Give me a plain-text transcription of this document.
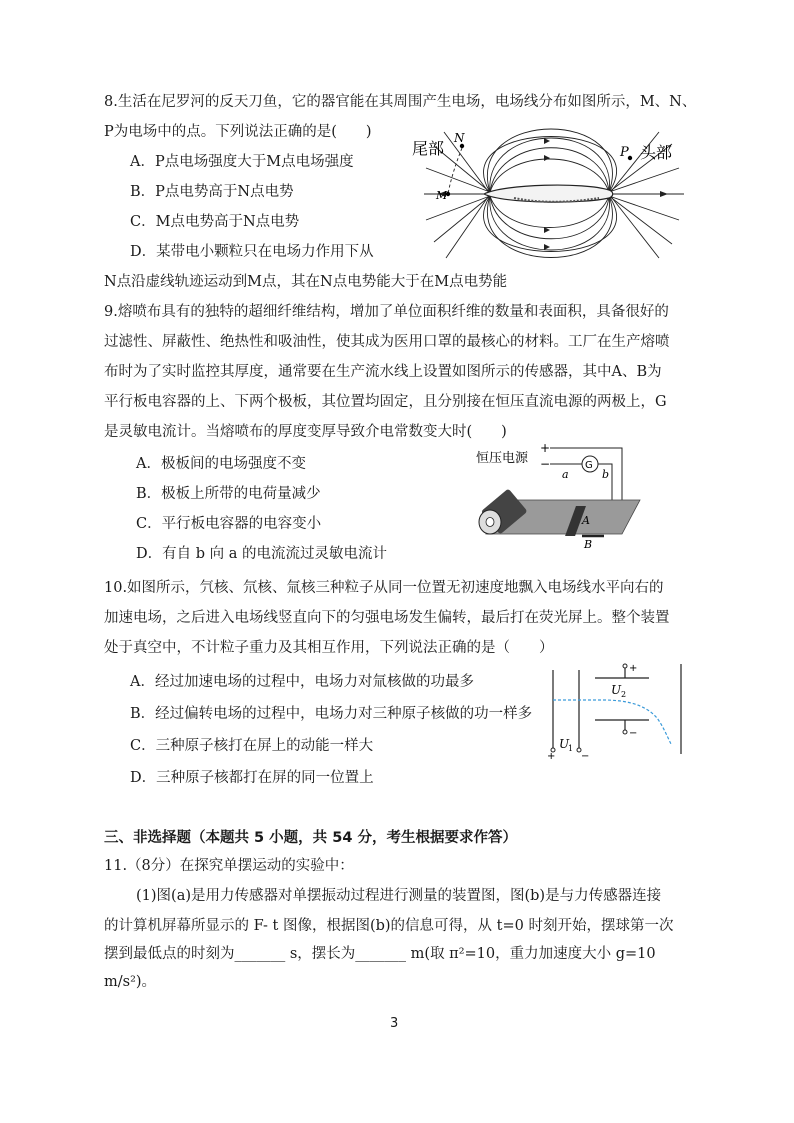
8.生活在尼罗河的反天刀鱼，它的器官能在其周围产生电场，电场线分布如图所示，M、N、
P为电场中的点。下列说法正确的是(　　)
A．P点电场强度大于M点电场强度
B．P点电势高于N点电势
C．M点电势高于N点电势
D．某带电小颗粒只在电场力作用下从
N点沿虚线轨迹运动到M点，其在N点电势能大于在M点电势能
尾部	头部
N
P
M
9.熔喷布具有的独特的超细纤维结构，增加了单位面积纤维的数量和表面积，具备很好的
过滤性、屏蔽性、绝热性和吸油性，使其成为医用口罩的最核心的材料。工厂在生产熔喷
布时为了实时监控其厚度，通常要在生产流水线上设置如图所示的传感器，其中A、B为
平行板电容器的上、下两个极板，其位置均固定，且分别接在恒压直流电源的两极上，G
是灵敏电流计。当熔喷布的厚度变厚导致介电常数变大时(　　)
A．极板间的电场强度不变
B．极板上所带的电荷量减少
C．平行板电容器的电容变小
D．有自 b 向 a 的电流流过灵敏电流计
恒压电源
+
−	G
a	b
A
B
10.如图所示，氕核、氘核、氚核三种粒子从同一位置无初速度地飘入电场线水平向右的
加速电场，之后进入电场线竖直向下的匀强电场发生偏转，最后打在荧光屏上。整个装置
处于真空中，不计粒子重力及其相互作用，下列说法正确的是（　　）
A．经过加速电场的过程中，电场力对氚核做的功最多
B．经过偏转电场的过程中，电场力对三种原子核做的功一样多
C．三种原子核打在屏上的动能一样大
D．三种原子核都打在屏的同一位置上
+
−
+	−
U 2
U
1
三、非选择题（本题共 5 小题，共 54 分，考生根据要求作答）
11.（8分）在探究单摆运动的实验中：
(1)图(a)是用力传感器对单摆振动过程进行测量的装置图，图(b)是与力传感器连接
的计算机屏幕所显示的 F- t 图像，根据图(b)的信息可得，从 t=0 时刻开始，摆球第一次
摆到最低点的时刻为_______ s，摆长为_______ m(取 π²=10，重力加速度大小 g=10
m/s²)。
3
